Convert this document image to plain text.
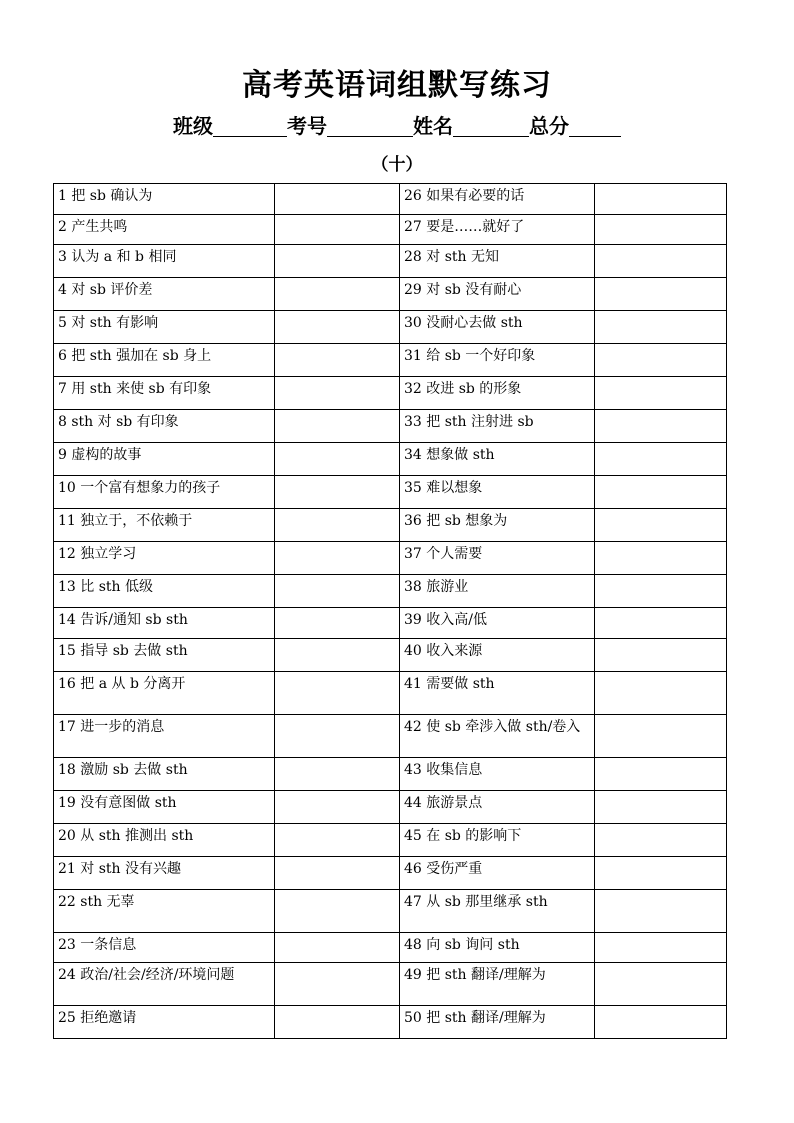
高考英语词组默写练习
班级	考号	姓名	总分
（十）
1 把 sb 确认为		26 如果有必要的话	
2 产生共鸣		27 要是……就好了	
3 认为 a 和 b 相同		28 对 sth 无知	
4 对 sb 评价差		29 对 sb 没有耐心	
5 对 sth 有影响		30 没耐心去做 sth	
6 把 sth 强加在 sb 身上		31 给 sb 一个好印象	
7 用 sth 来使 sb 有印象		32 改进 sb 的形象	
8 sth 对 sb 有印象		33 把 sth 注射进 sb	
9 虚构的故事		34 想象做 sth	
10 一个富有想象力的孩子		35 难以想象	
11 独立于，不依赖于		36 把 sb 想象为	
12 独立学习		37 个人需要	
13 比 sth 低级		38 旅游业	
14 告诉/通知 sb sth		39 收入高/低	
15 指导 sb 去做 sth		40 收入来源	
16 把 a 从 b 分离开		41 需要做 sth	
17 进一步的消息		42 使 sb 牵涉入做 sth/卷入	
18 激励 sb 去做 sth		43 收集信息	
19 没有意图做 sth		44 旅游景点	
20 从 sth 推测出 sth		45 在 sb 的影响下	
21 对 sth 没有兴趣		46 受伤严重	
22 sth 无辜		47 从 sb 那里继承 sth	
23 一条信息		48 向 sb 询问 sth	
24 政治/社会/经济/环境问题		49 把 sth 翻译/理解为	
25 拒绝邀请		50 把 sth 翻译/理解为	
